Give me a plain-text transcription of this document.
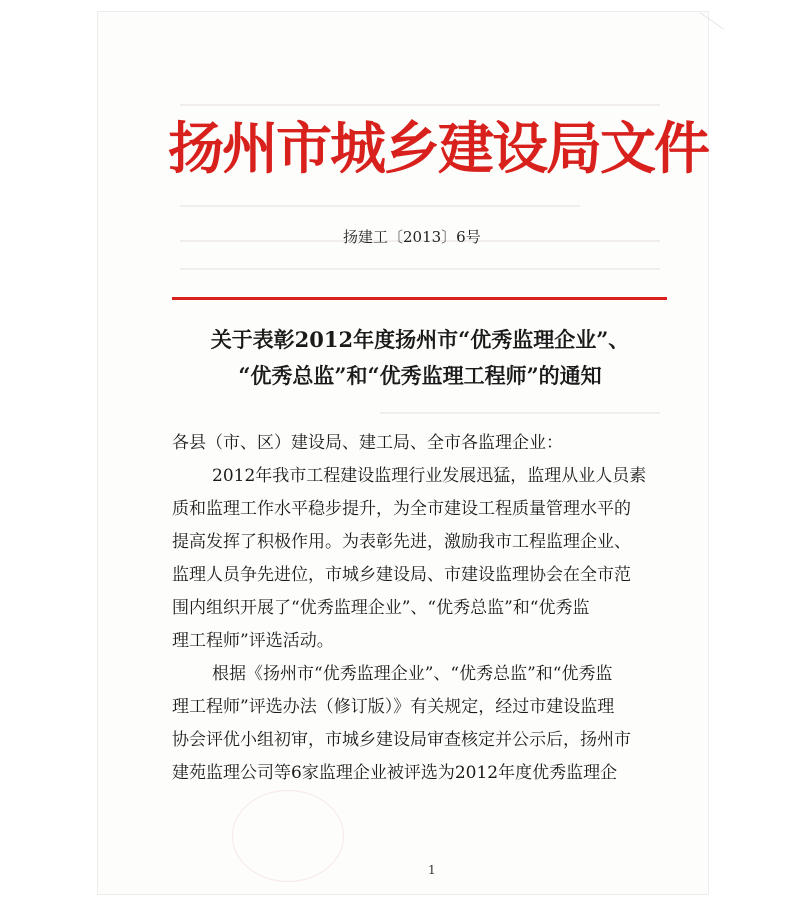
扬州市城乡建设局文件
扬建工〔2013〕6号
关于表彰2012年度扬州市“优秀监理企业”、
“优秀总监”和“优秀监理工程师”的通知
各县（市、区）建设局、建工局、全市各监理企业：
2012年我市工程建设监理行业发展迅猛，监理从业人员素
质和监理工作水平稳步提升，为全市建设工程质量管理水平的
提高发挥了积极作用。为表彰先进，激励我市工程监理企业、
监理人员争先进位，市城乡建设局、市建设监理协会在全市范
围内组织开展了“优秀监理企业”、“优秀总监”和“优秀监
理工程师”评选活动。
根据《扬州市“优秀监理企业”、“优秀总监”和“优秀监
理工程师”评选办法（修订版）》有关规定，经过市建设监理
协会评优小组初审，市城乡建设局审查核定并公示后，扬州市
建苑监理公司等6家监理企业被评选为2012年度优秀监理企
1
